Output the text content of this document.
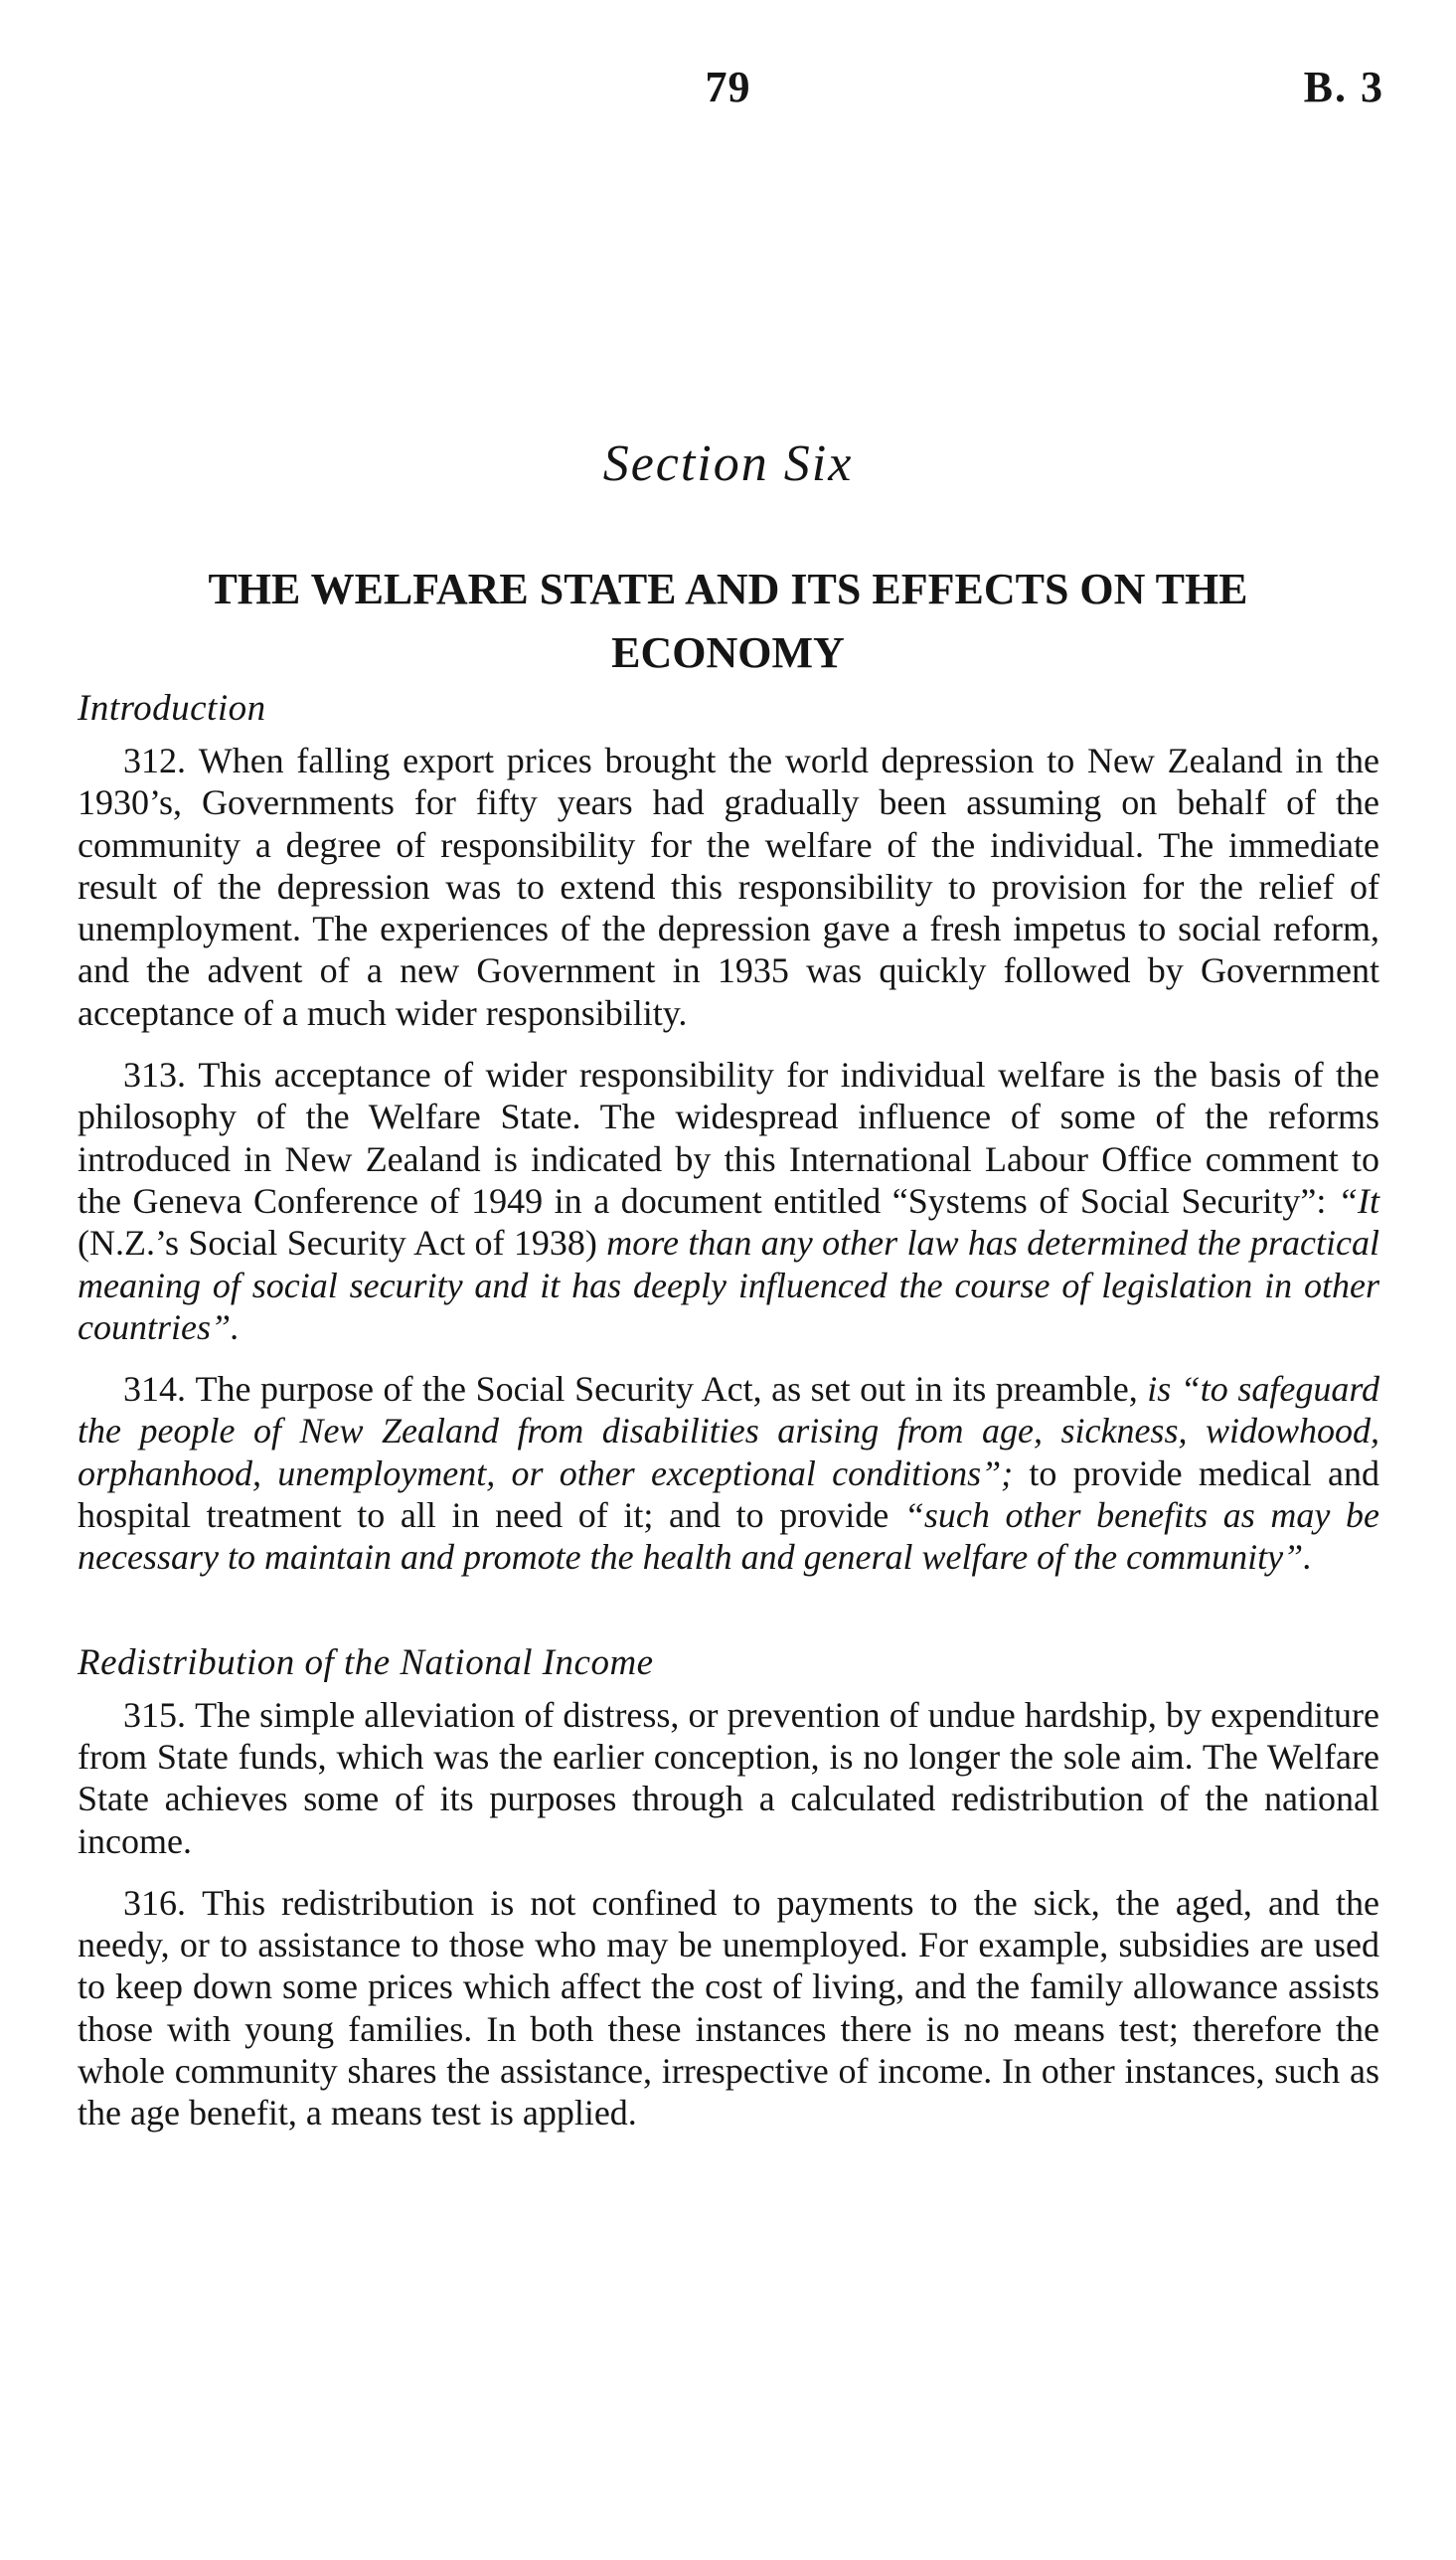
79	B. 3
Section Six
THE WELFARE STATE AND ITS EFFECTS ON THE ECONOMY

Introduction

312. When falling export prices brought the world depression to New Zealand in the 1930’s, Governments for fifty years had gradually been assuming on behalf of the community a degree of responsibility for the welfare of the individual. The immediate result of the depression was to extend this responsibility to provision for the relief of unemployment. The experiences of the depression gave a fresh impetus to social reform, and the advent of a new Government in 1935 was quickly followed by Government acceptance of a much wider responsibility.

313. This acceptance of wider responsibility for individual welfare is the basis of the philosophy of the Welfare State. The widespread influence of some of the reforms introduced in New Zealand is indicated by this International Labour Office comment to the Geneva Conference of 1949 in a document entitled “Systems of Social Security”: “It (N.Z.’s Social Security Act of 1938) more than any other law has determined the practical meaning of social security and it has deeply influenced the course of legislation in other countries”.

314. The purpose of the Social Security Act, as set out in its preamble, is “to safeguard the people of New Zealand from disabilities arising from age, sickness, widowhood, orphanhood, unemployment, or other exceptional conditions”; to provide medical and hospital treatment to all in need of it; and to provide “such other benefits as may be necessary to maintain and promote the health and general welfare of the community”.

Redistribution of the National Income

315. The simple alleviation of distress, or prevention of undue hardship, by expenditure from State funds, which was the earlier conception, is no longer the sole aim. The Welfare State achieves some of its purposes through a calculated redistribution of the national income.

316. This redistribution is not confined to payments to the sick, the aged, and the needy, or to assistance to those who may be unemployed. For example, subsidies are used to keep down some prices which affect the cost of living, and the family allowance assists those with young families. In both these instances there is no means test; therefore the whole community shares the assistance, irrespective of income. In other instances, such as the age benefit, a means test is applied.
